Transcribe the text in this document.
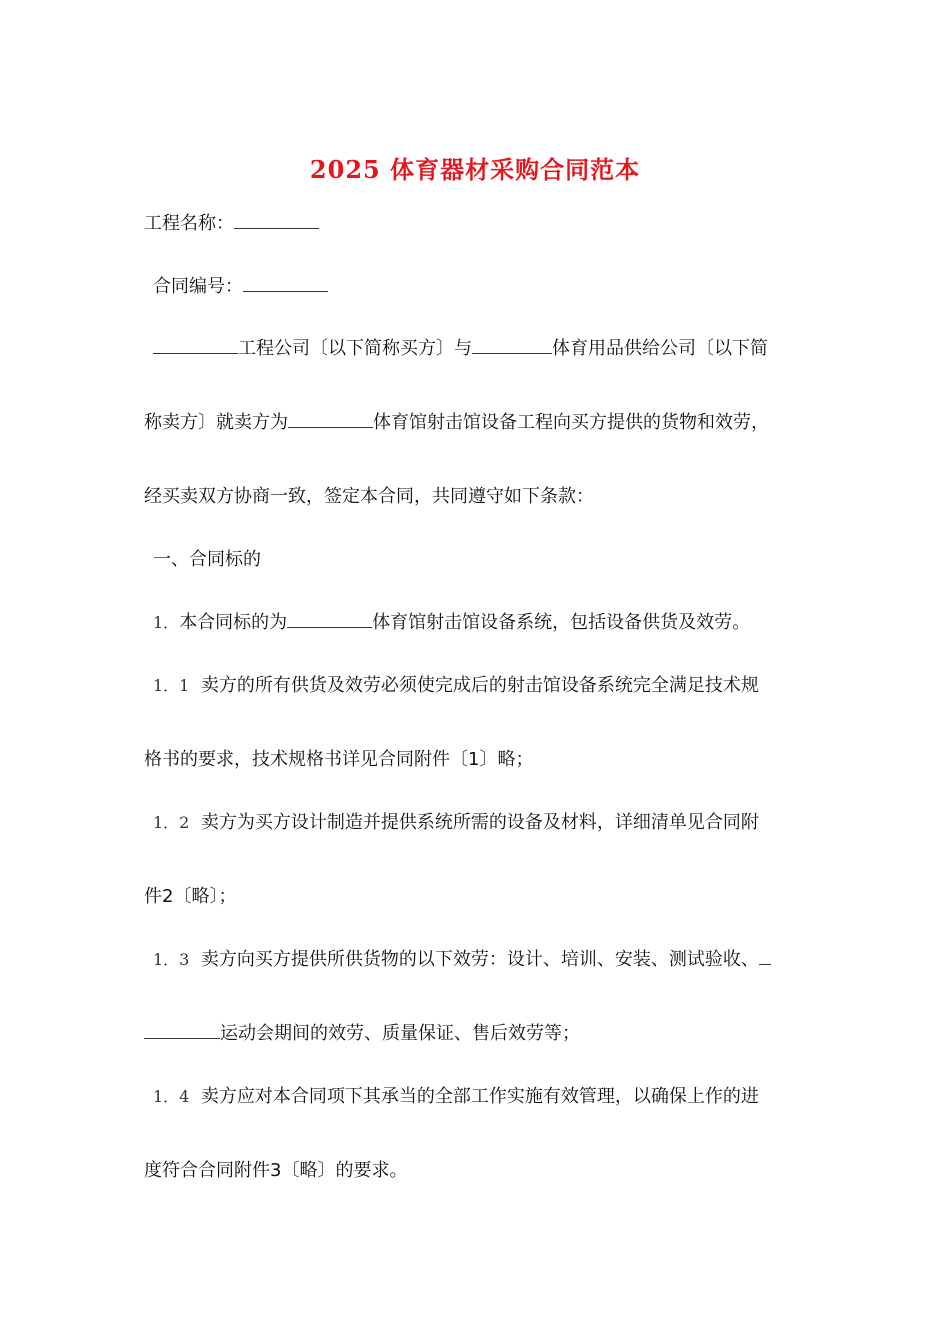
2025 体育器材采购合同范本
工程名称：
合同编号：
工程公司〔以下简称买方〕与	体育用品供给公司〔以下简
称卖方〕就卖方为	体育馆射击馆设备工程向买方提供的货物和效劳，
经买卖双方协商一致，签定本合同，共同遵守如下条款：
一、合同标的
1．本合同标的为	体育馆射击馆设备系统，包括设备供货及效劳。
1．1 卖方的所有供货及效劳必须使完成后的射击馆设备系统完全满足技术规
格书的要求，技术规格书详见合同附件〔1〕略；
1．2 卖方为买方设计制造并提供系统所需的设备及材料，详细清单见合同附
件2〔略〕；
1．3 卖方向买方提供所供货物的以下效劳：设计、培训、安装、测试验收、
运动会期间的效劳、质量保证、售后效劳等；
1．4 卖方应对本合同项下其承当的全部工作实施有效管理，以确保上作的进
度符合合同附件3〔略〕的要求。
